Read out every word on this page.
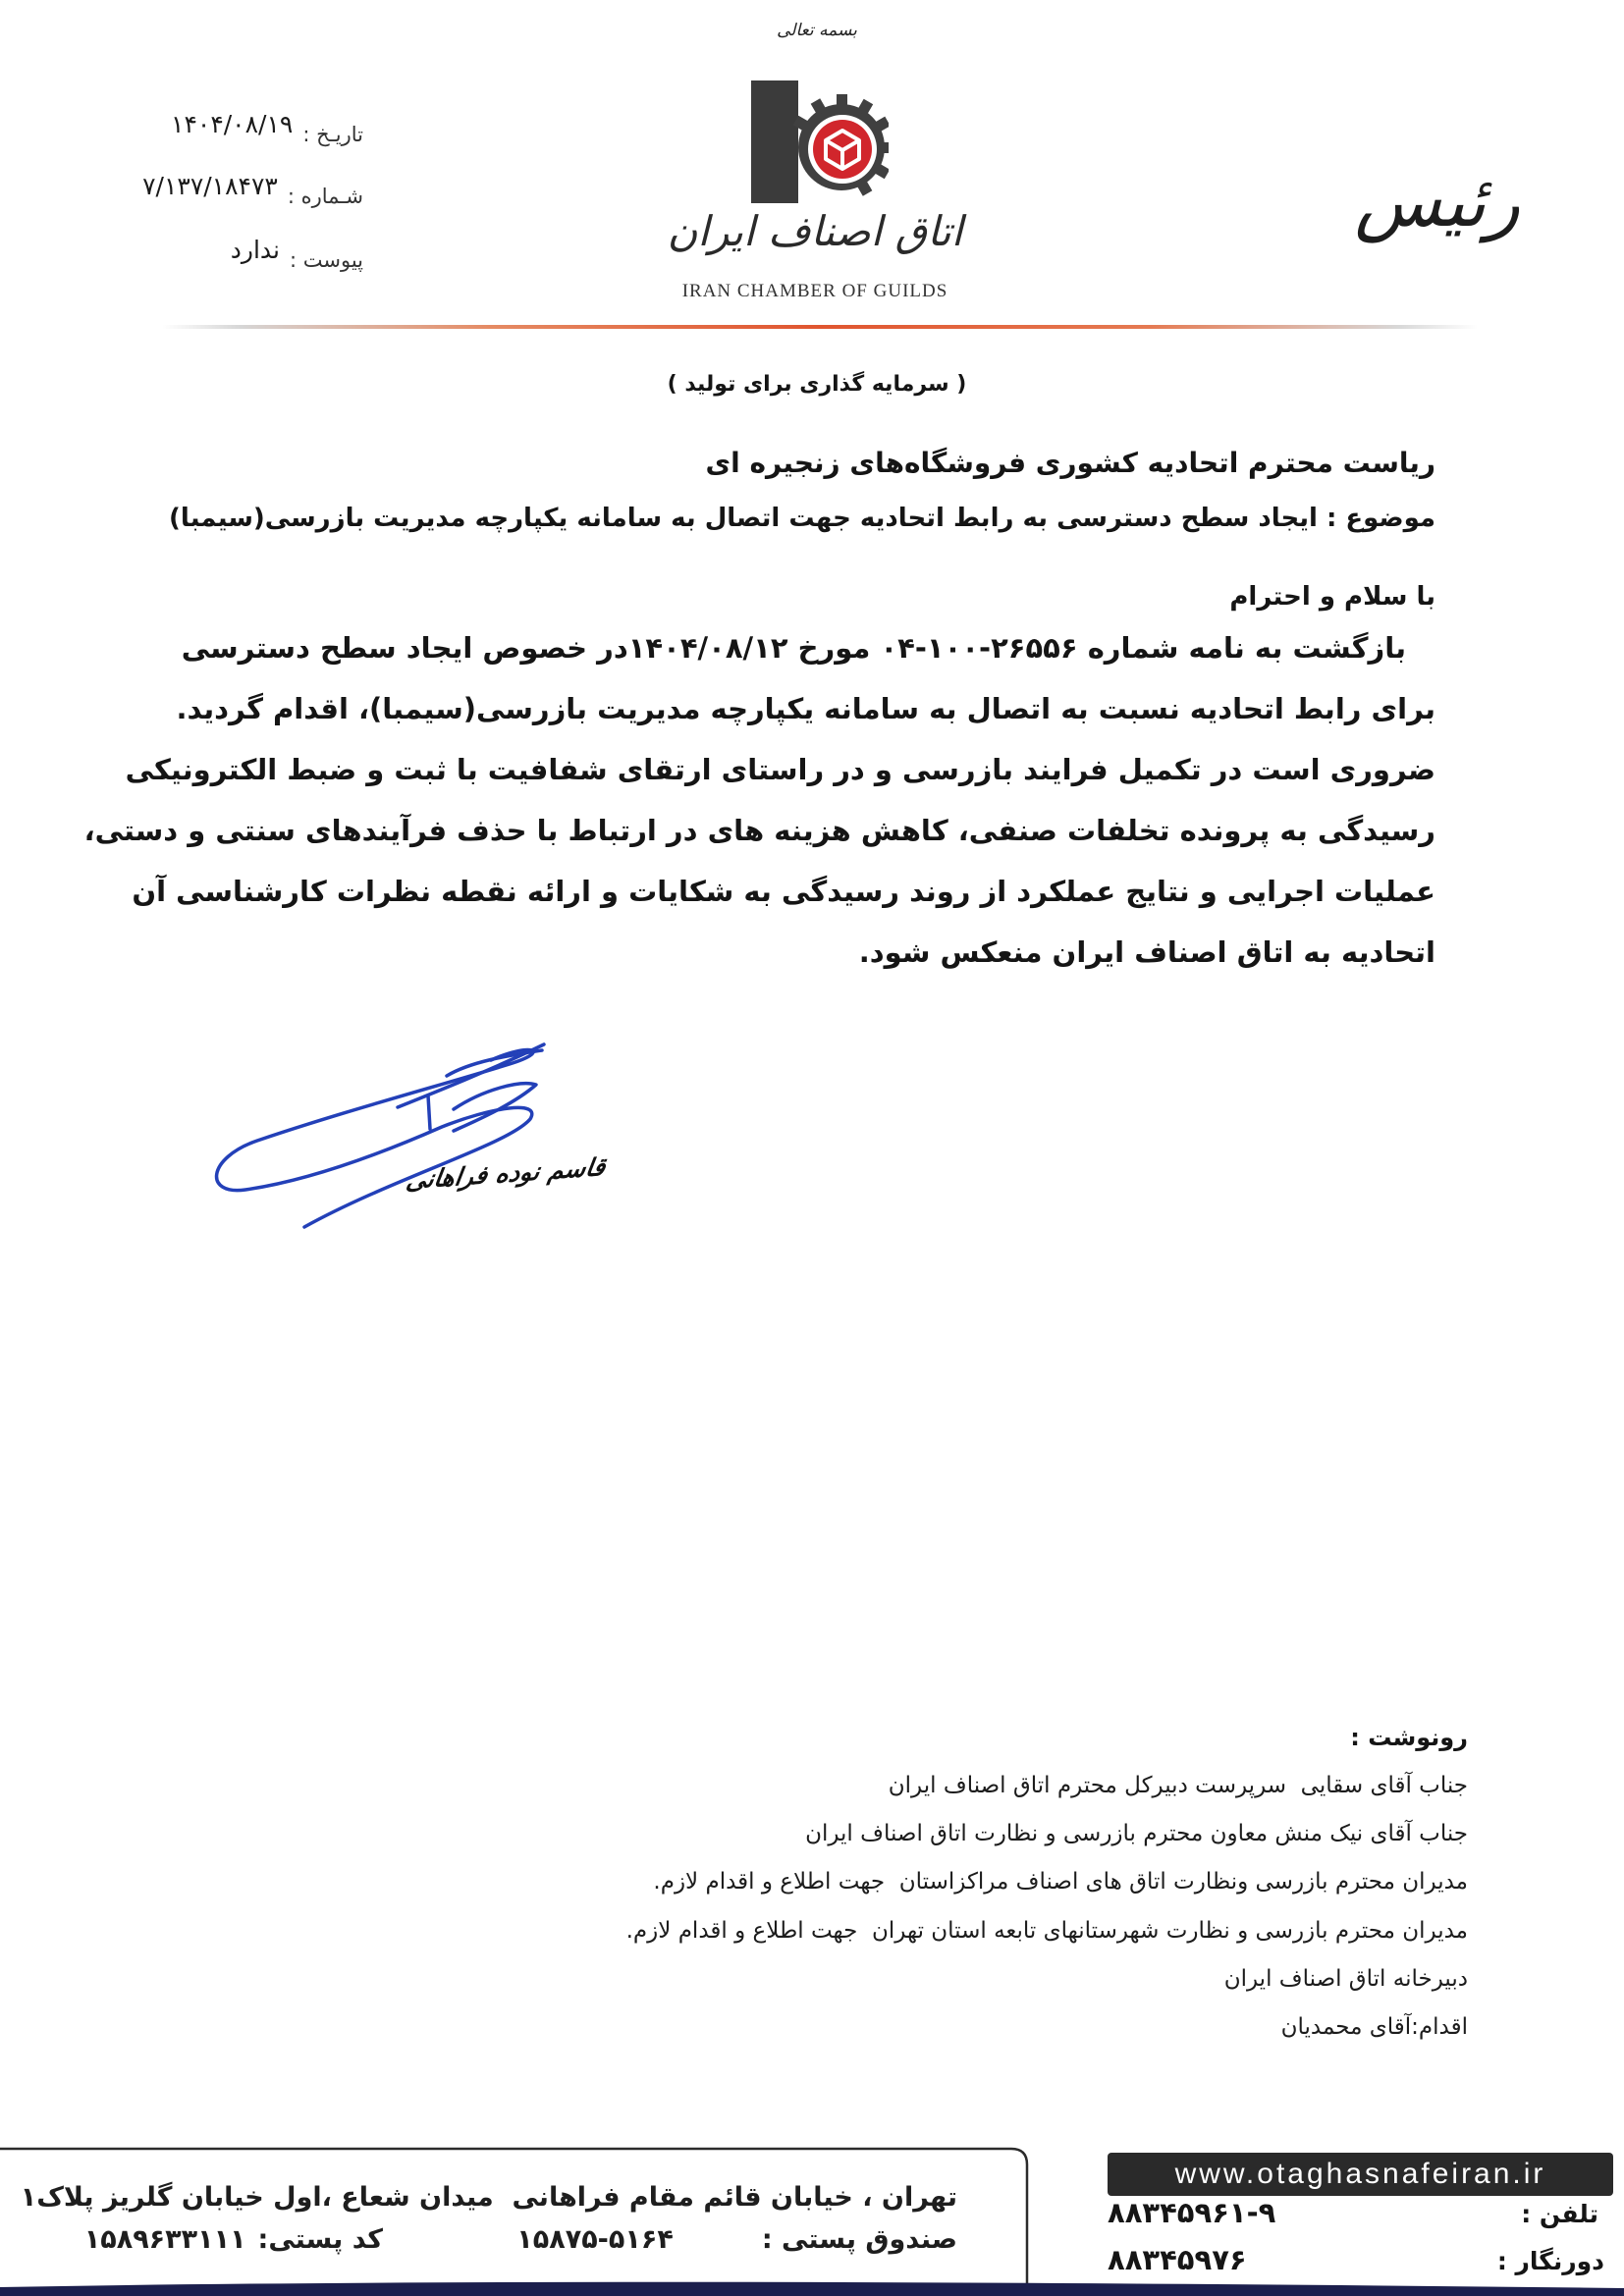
بسمه تعالی
اتاق اصناف ایران
IRAN CHAMBER OF GUILDS
رئیس
تاریـخ :
۱۴۰۴/۰۸/۱۹
شـماره :
۷/۱۳۷/۱۸۴۷۳
پیوست :
ندارد
( سرمایه گذاری برای تولید )
ریاست محترم اتحادیه کشوری فروشگاه‌های زنجیره ای
موضوع : ایجاد سطح دسترسی به رابط اتحادیه جهت اتصال به سامانه یکپارچه مدیریت بازرسی(سیمبا)
با سلام و احترام
بازگشت به نامه شماره ۲۶۵۵۶-۱۰۰-۰۴ مورخ ۱۴۰۴/۰۸/۱۲در خصوص ایجاد سطح دسترسی
برای رابط اتحادیه نسبت به اتصال به سامانه یکپارچه مدیریت بازرسی(سیمبا)، اقدام گردید.
ضروری است در تکمیل فرایند بازرسی و در راستای ارتقای شفافیت با ثبت و ضبط الکترونیکی
رسیدگی به پرونده تخلفات صنفی، کاهش هزینه های در ارتباط با حذف فرآیندهای سنتی و دستی،
عملیات اجرایی و نتایج عملکرد از روند رسیدگی به شکایات و ارائه نقطه نظرات کارشناسی آن
اتحادیه به اتاق اصناف ایران منعکس شود.
قاسم نوده فراهانی
رونوشت :
جناب آقای سقایی  سرپرست دبیرکل محترم اتاق اصناف ایران
جناب آقای نیک منش معاون محترم بازرسی و نظارت اتاق اصناف ایران
مدیران محترم بازرسی ونظارت اتاق های اصناف مراکزاستان  جهت اطلاع و اقدام لازم.
مدیران محترم بازرسی و نظارت شهرستانهای تابعه استان تهران  جهت اطلاع و اقدام لازم.
دبیرخانه اتاق اصناف ایران
اقدام:آقای محمدیان
تهران ، خیابان قائم مقام فراهانی  میدان شعاع ،اول خیابان گلریز پلاک۱
صندوق پستی :
۱۵۸۷۵-۵۱۶۴
کد پستی:
۱۵۸۹۶۳۳۱۱۱
www.otaghasnafeiran.ir
تلفن :
۸۸۳۴۵۹۶۱-۹
دورنگار :
۸۸۳۴۵۹۷۶
